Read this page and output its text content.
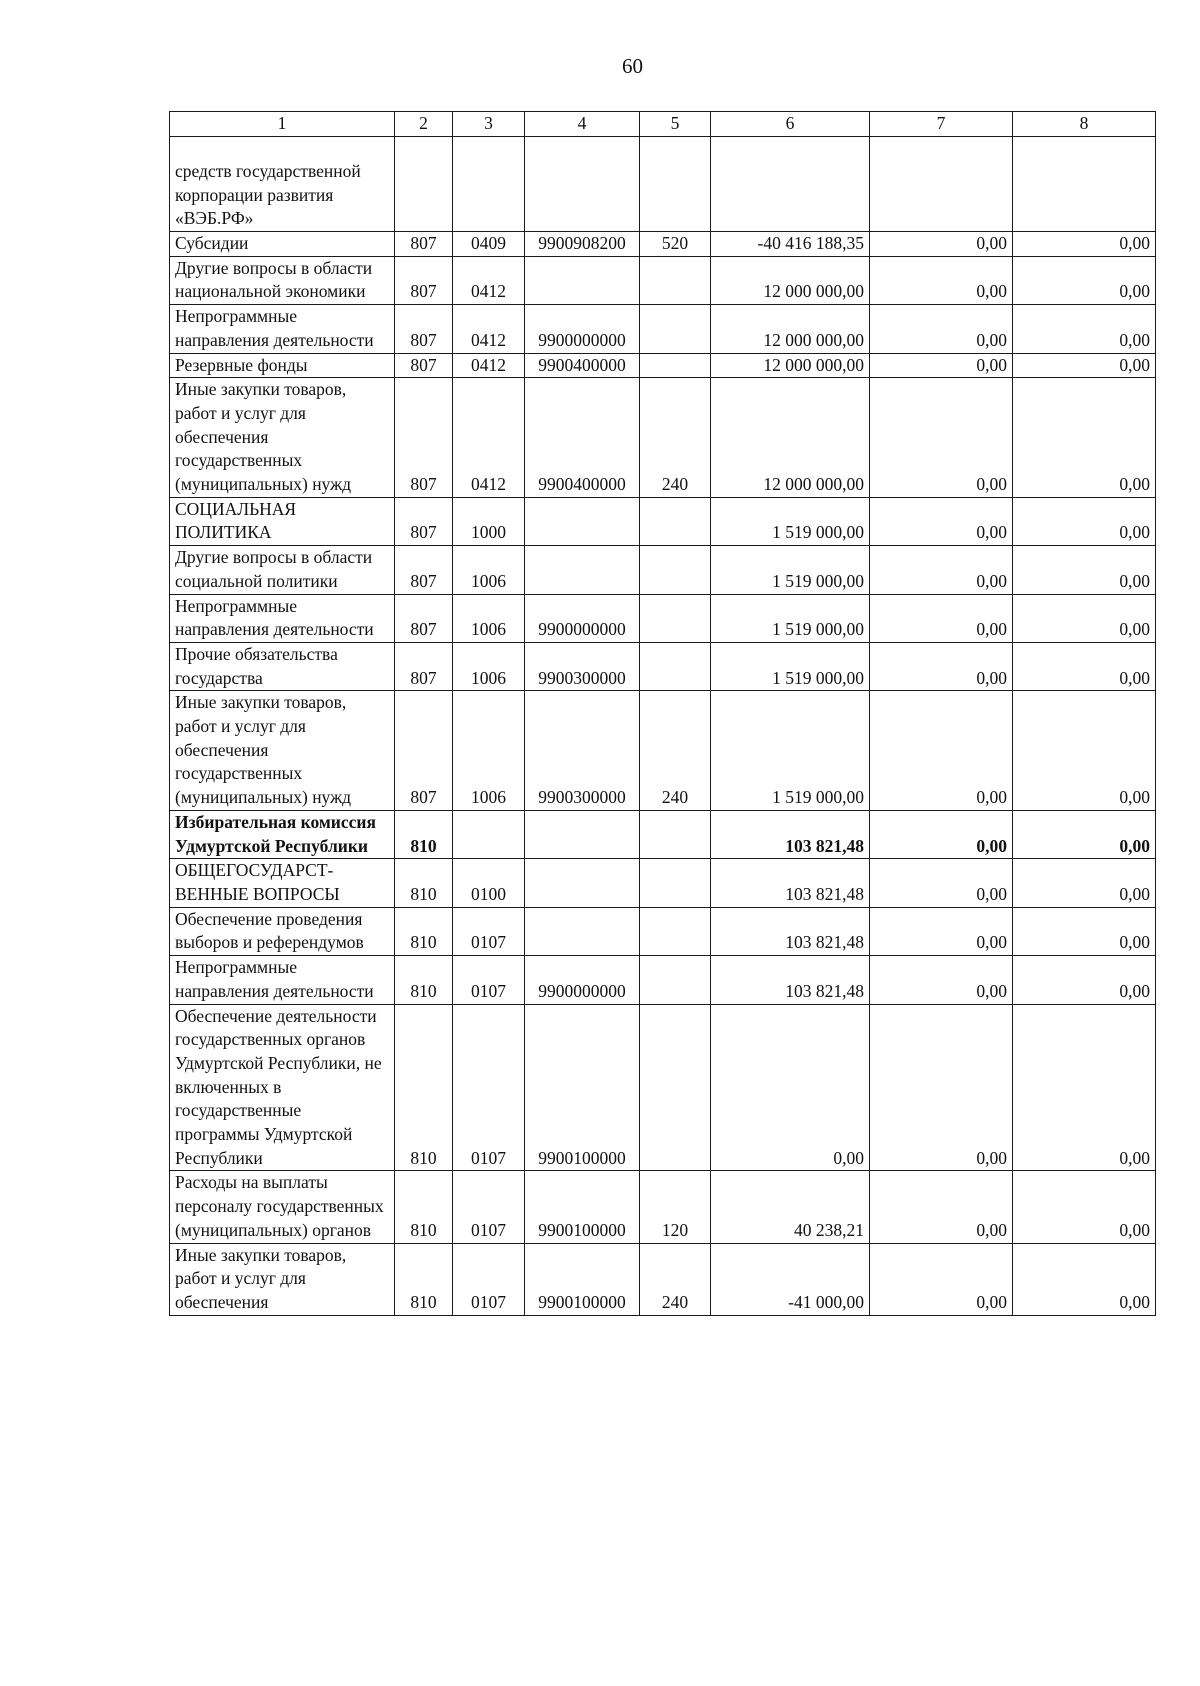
60
1	2	3	4	5	6	7	8
средств государственной корпорации развития «ВЭБ.РФ»							
Субсидии	807	0409	9900908200	520	-40 416 188,35	0,00	0,00
Другие вопросы в области национальной экономики	807	0412			12 000 000,00	0,00	0,00
Непрограммные направления деятельности	807	0412	9900000000		12 000 000,00	0,00	0,00
Резервные фонды	807	0412	9900400000		12 000 000,00	0,00	0,00
Иные закупки товаров, работ и услуг для обеспечения государственных (муниципальных) нужд	807	0412	9900400000	240	12 000 000,00	0,00	0,00
СОЦИАЛЬНАЯ ПОЛИТИКА	807	1000			1 519 000,00	0,00	0,00
Другие вопросы в области социальной политики	807	1006			1 519 000,00	0,00	0,00
Непрограммные направления деятельности	807	1006	9900000000		1 519 000,00	0,00	0,00
Прочие обязательства государства	807	1006	9900300000		1 519 000,00	0,00	0,00
Иные закупки товаров, работ и услуг для обеспечения государственных (муниципальных) нужд	807	1006	9900300000	240	1 519 000,00	0,00	0,00
Избирательная комиссия Удмуртской Республики	810				103 821,48	0,00	0,00
ОБЩЕГОСУДАРСТ-ВЕННЫЕ ВОПРОСЫ	810	0100			103 821,48	0,00	0,00
Обеспечение проведения выборов и референдумов	810	0107			103 821,48	0,00	0,00
Непрограммные направления деятельности	810	0107	9900000000		103 821,48	0,00	0,00
Обеспечение деятельности государственных органов Удмуртской Республики, не включенных в государственные программы Удмуртской Республики	810	0107	9900100000		0,00	0,00	0,00
Расходы на выплаты персоналу государственных (муниципальных) органов	810	0107	9900100000	120	40 238,21	0,00	0,00
Иные закупки товаров, работ и услуг для обеспечения	810	0107	9900100000	240	-41 000,00	0,00	0,00
